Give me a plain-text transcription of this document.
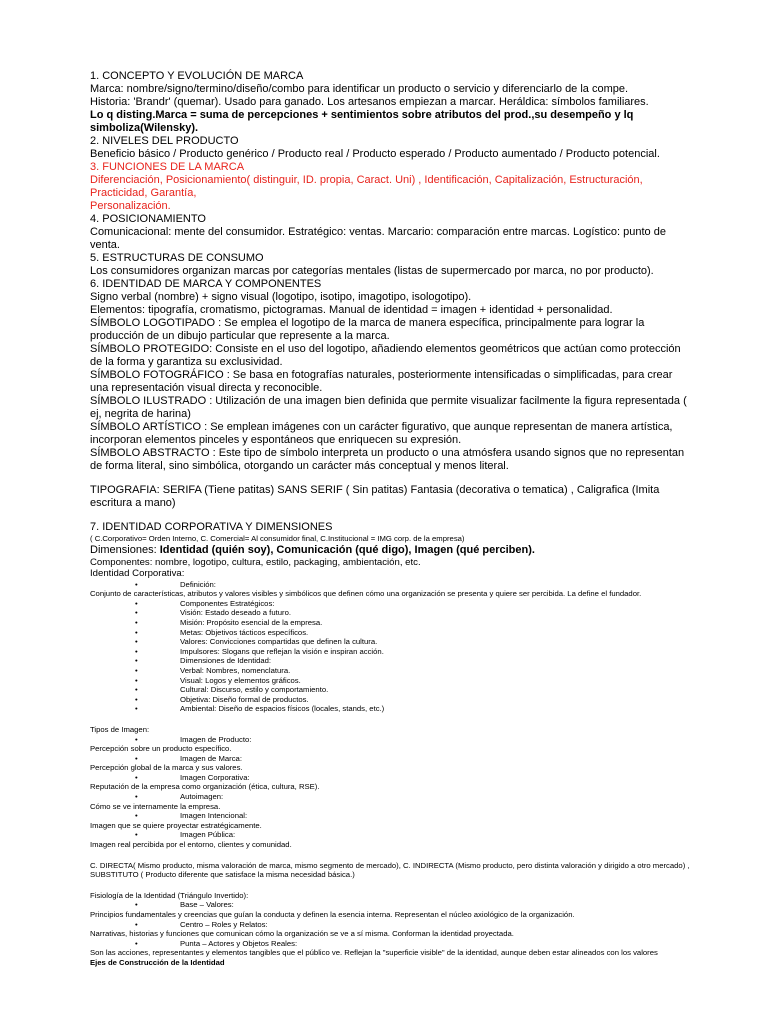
1. CONCEPTO Y EVOLUCIÓN DE MARCA
Marca: nombre/signo/termino/diseño/combo para identificar un producto o servicio y diferenciarlo de la compe.
Historia: 'Brandr' (quemar). Usado para ganado. Los artesanos empiezan a marcar. Heráldica: símbolos familiares.
Lo q disting.Marca = suma de percepciones + sentimientos sobre atributos del prod.,su desempeño y lq simboliza(Wilensky).
2. NIVELES DEL PRODUCTO
Beneficio básico / Producto genérico / Producto real / Producto esperado / Producto aumentado / Producto potencial.
3. FUNCIONES DE LA MARCA
Diferenciación, Posicionamiento( distinguir, ID. propia, Caract. Uni) , Identificación, Capitalización, Estructuración, Practicidad, Garantía,
Personalización.
4. POSICIONAMIENTO
Comunicacional: mente del consumidor. Estratégico: ventas. Marcario: comparación entre marcas. Logístico: punto de venta.
5. ESTRUCTURAS DE CONSUMO
Los consumidores organizan marcas por categorías mentales (listas de supermercado por marca, no por producto).
6. IDENTIDAD DE MARCA Y COMPONENTES
Signo verbal (nombre) + signo visual (logotipo, isotipo, imagotipo, isologotipo).
Elementos: tipografía, cromatismo, pictogramas. Manual de identidad = imagen + identidad + personalidad.
SÍMBOLO LOGOTIPADO : Se emplea el logotipo de la marca de manera específica, principalmente para lograr la producción de un dibujo particular que represente a la marca.
SÍMBOLO PROTEGIDO: Consiste en el uso del logotipo, añadiendo elementos geométricos que actúan como protección de la forma y garantiza su exclusividad.
SÍMBOLO FOTOGRÁFICO : Se basa en fotografías naturales, posteriormente intensificadas o simplificadas, para crear una representación visual directa y reconocible.
SÍMBOLO ILUSTRADO : Utilización de una imagen bien definida que permite visualizar facilmente la figura representada ( ej, negrita de harina)
SÍMBOLO ARTÍSTICO : Se emplean imágenes con un carácter figurativo, que aunque representan de manera artística, incorporan elementos pinceles y espontáneos que enriquecen su expresión.
SÍMBOLO ABSTRACTO : Este tipo de símbolo interpreta un producto o una atmósfera usando signos que no representan de forma literal, sino simbólica, otorgando un carácter más conceptual y menos literal.
TIPOGRAFIA: SERIFA (Tiene patitas) SANS SERIF ( Sin patitas) Fantasia (decorativa o tematica) , Caligrafica (Imita escritura a mano)
7. IDENTIDAD CORPORATIVA Y DIMENSIONES
( C.Corporativo= Orden Interno, C. Comercial= Al consumidor final, C.Institucional = IMG corp. de la empresa)
Dimensiones: Identidad (quién soy), Comunicación (qué digo), Imagen (qué perciben).
Componentes: nombre, logotipo, cultura, estilo, packaging, ambientación, etc.
Identidad Corporativa:
• Definición:
Conjunto de características, atributos y valores visibles y simbólicos que definen cómo una organización se presenta y quiere ser percibida. La define el fundador.
• Componentes Estratégicos:
• Visión: Estado deseado a futuro.
• Misión: Propósito esencial de la empresa.
• Metas: Objetivos tácticos específicos.
• Valores: Convicciones compartidas que definen la cultura.
• Impulsores: Slogans que reflejan la visión e inspiran acción.
• Dimensiones de Identidad:
• Verbal: Nombres, nomenclatura.
• Visual: Logos y elementos gráficos.
• Cultural: Discurso, estilo y comportamiento.
• Objetiva: Diseño formal de productos.
• Ambiental: Diseño de espacios físicos (locales, stands, etc.)
Tipos de Imagen:
• Imagen de Producto:
Percepción sobre un producto específico.
• Imagen de Marca:
Percepción global de la marca y sus valores.
• Imagen Corporativa:
Reputación de la empresa como organización (ética, cultura, RSE).
• Autoimagen:
Cómo se ve internamente la empresa.
• Imagen Intencional:
Imagen que se quiere proyectar estratégicamente.
• Imagen Pública:
Imagen real percibida por el entorno, clientes y comunidad.
C. DIRECTA( Mismo producto, misma valoración de marca, mismo segmento de mercado), C. INDIRECTA (Mismo producto, pero distinta valoración y dirigido a otro mercado) , SUBSTITUTO ( Producto diferente que satisface la misma necesidad básica.)
Fisiología de la Identidad (Triángulo Invertido):
• Base – Valores:
Principios fundamentales y creencias que guían la conducta y definen la esencia interna. Representan el núcleo axiológico de la organización.
• Centro – Roles y Relatos:
Narrativas, historias y funciones que comunican cómo la organización se ve a sí misma. Conforman la identidad proyectada.
• Punta – Actores y Objetos Reales:
Son las acciones, representantes y elementos tangibles que el público ve. Reflejan la "superficie visible" de la identidad, aunque deben estar alineados con los valores
Ejes de Construcción de la Identidad
